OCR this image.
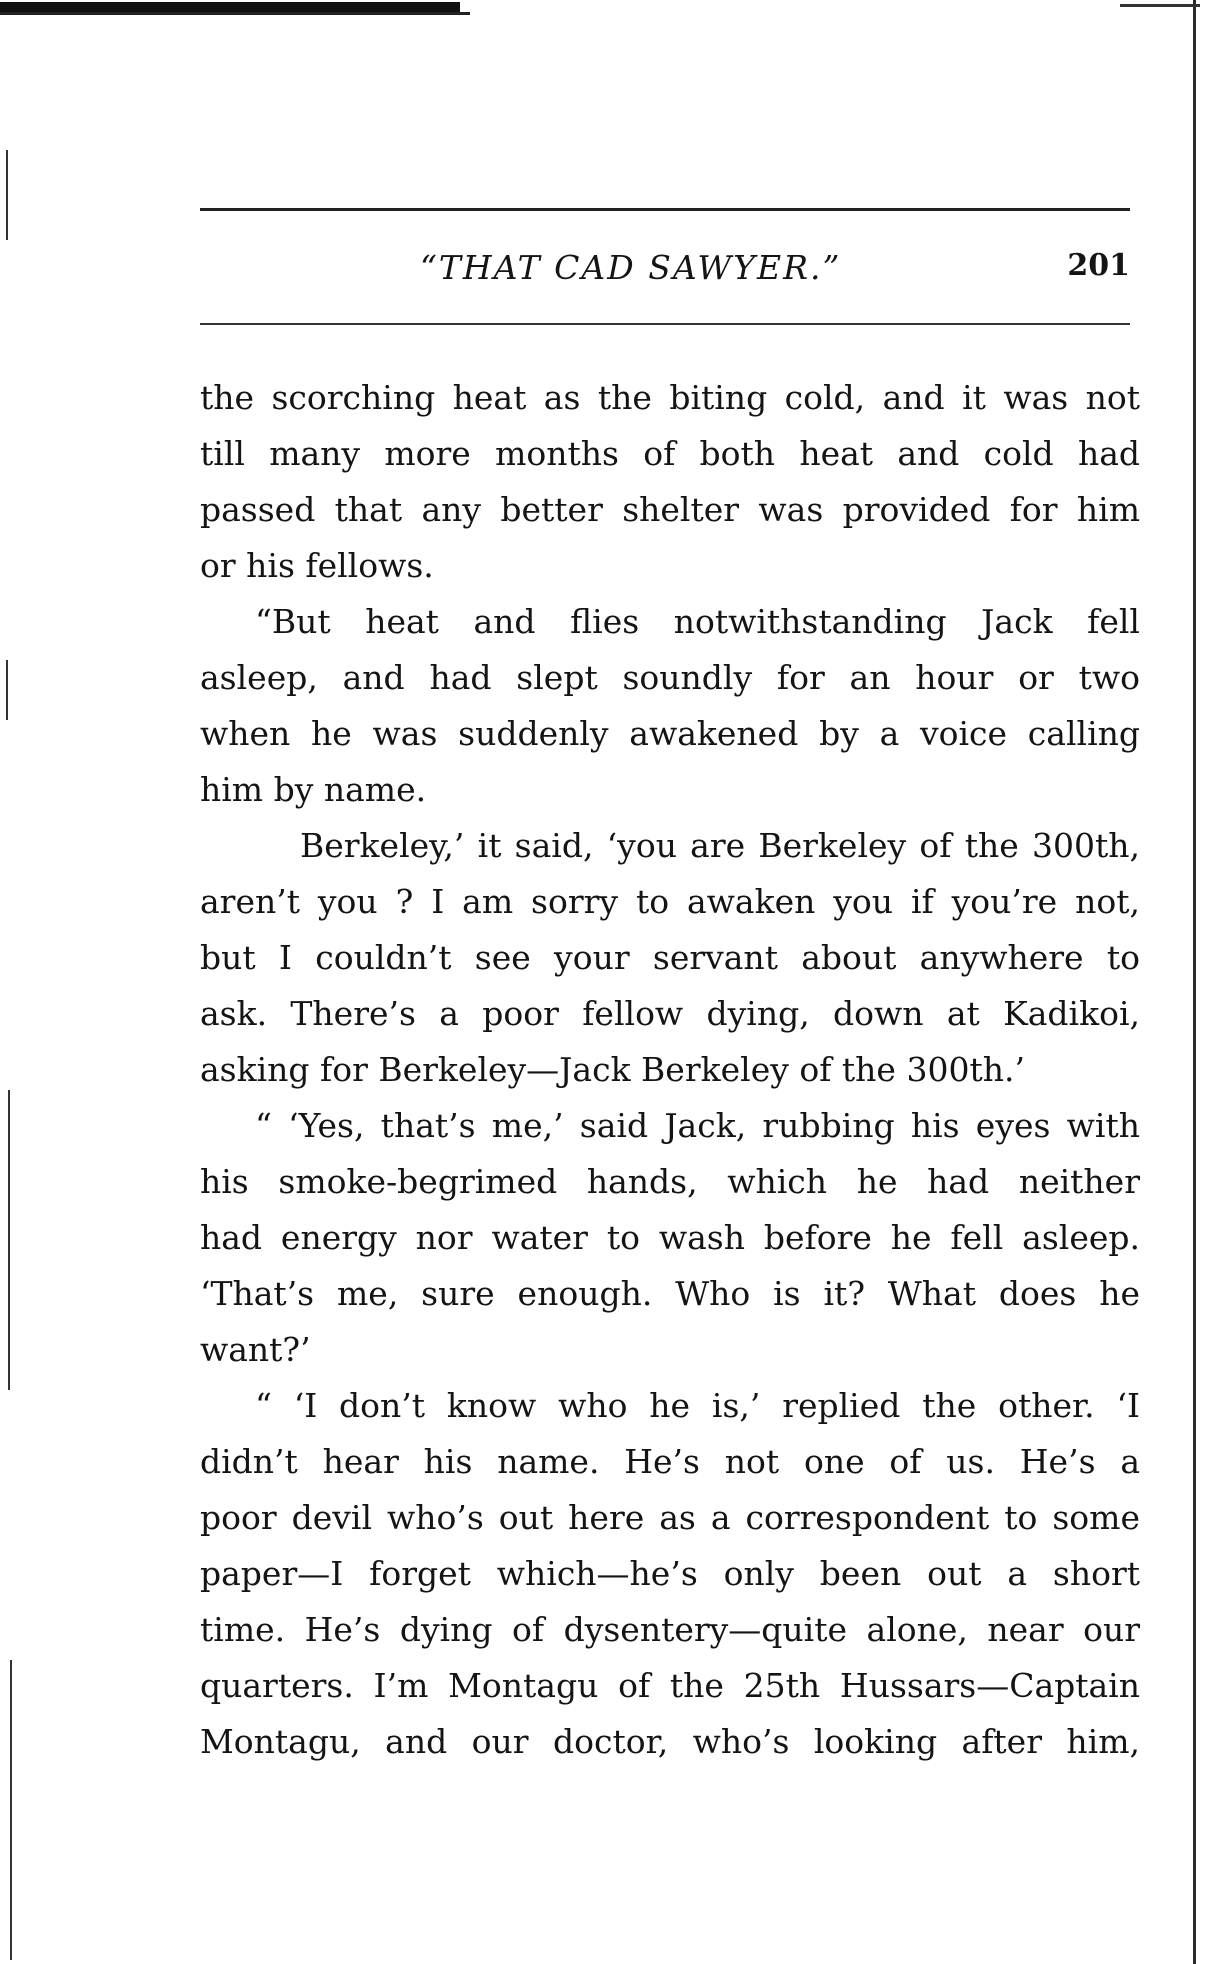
“THAT CAD SAWYER.”	201
the scorching heat as the biting cold, and it was not
till many more months of both heat and cold had
passed that any better shelter was provided for him
or his fellows.
“But heat and flies notwithstanding Jack fell
asleep, and had slept soundly for an hour or two
when he was suddenly awakened by a voice calling
him by name.
Berkeley,’ it said, ‘you are Berkeley of the 300th,
aren’t you ? I am sorry to awaken you if you’re not,
but I couldn’t see your servant about anywhere to
ask. There’s a poor fellow dying, down at Kadikoi,
asking for Berkeley—Jack Berkeley of the 300th.’
“ ‘Yes, that’s me,’ said Jack, rubbing his eyes with
his smoke-begrimed hands, which he had neither
had energy nor water to wash before he fell asleep.
‘That’s me, sure enough. Who is it? What does he
want?’
“ ‘I don’t know who he is,’ replied the other. ‘I
didn’t hear his name. He’s not one of us. He’s a
poor devil who’s out here as a correspondent to some
paper—I forget which—he’s only been out a short
time. He’s dying of dysentery—quite alone, near our
quarters. I’m Montagu of the 25th Hussars—Captain
Montagu, and our doctor, who’s looking after him,
